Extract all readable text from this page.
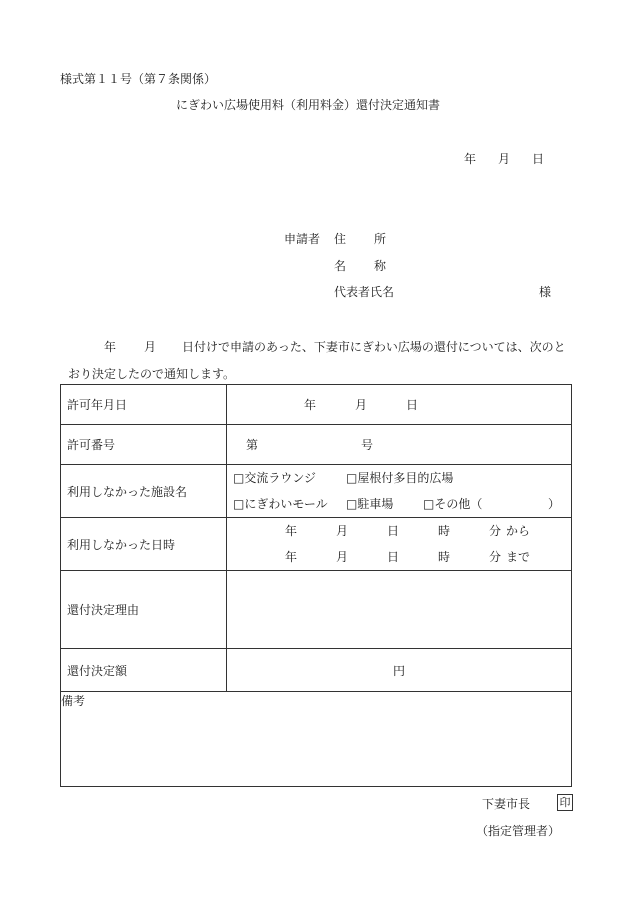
様式第１１号（第７条関係）
にぎわい広場使用料（利用料金）還付決定通知書
年 月 日
申請者 住所
名称
代表者氏名	様
年 月 日付けで申請のあった、下妻市にぎわい広場の還付については、次のとおり決定したので通知します。
許可年月日	年 月 日
許可番号	第 号
利用しなかった施設名	□交流ラウンジ □屋根付多目的広場
□にぎわいモール □駐車場 □その他（ ）

利用しなかった日時	年 月 日 時 分 から
年 月 日 時 分 まで

還付決定理由	
還付決定額	円
備考	
下妻市長	印
（指定管理者）
